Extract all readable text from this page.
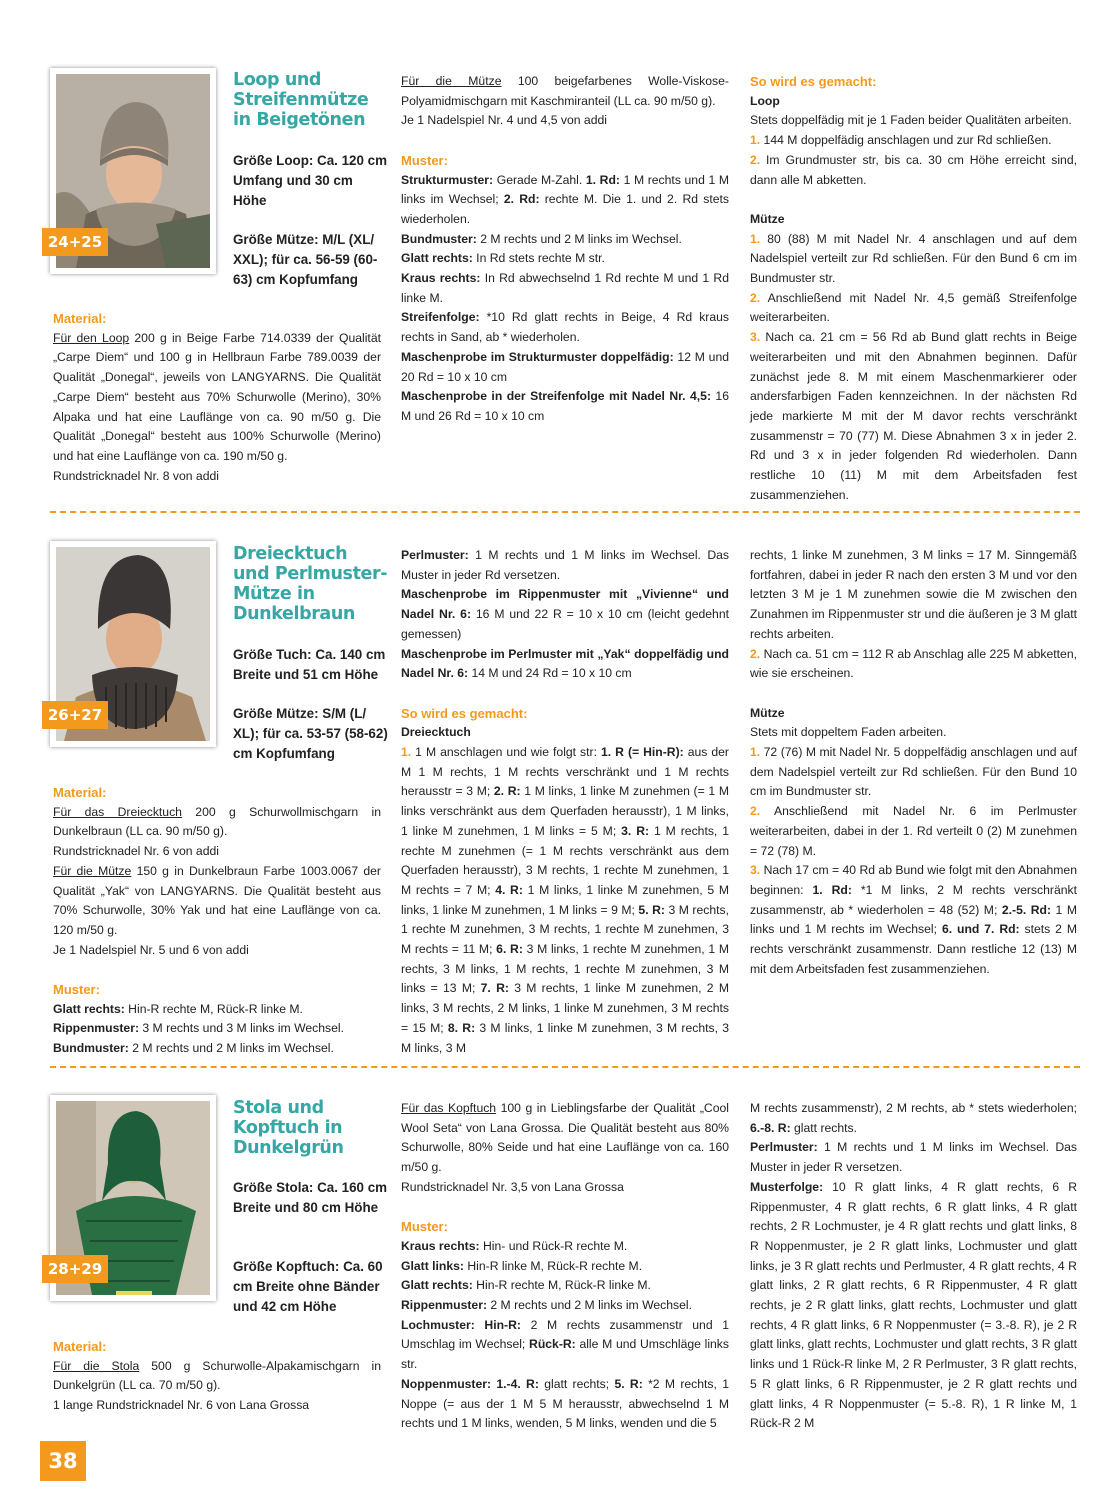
24+25
Loop und Streifenmütze in Beigetönen

Größe Loop: Ca. 120 cm Umfang und 30 cm Höhe

Größe Mütze: M/L (XL/ XXL); für ca. 56-59 (60-63) cm Kopfumfang

Material:

Für den Loop 200 g in Beige Farbe 714.0339 der Qualität „Carpe Diem“ und 100 g in Hellbraun Farbe 789.0039 der Qualität „Donegal“, jeweils von LANGYARNS. Die Qualität „Carpe Diem“ besteht aus 70% Schurwolle (Merino), 30% Alpaka und hat eine Lauflänge von ca. 90 m/50 g. Die Qualität „Donegal“ besteht aus 100% Schurwolle (Merino) und hat eine Lauflänge von ca. 190 m/50 g.

Rundstricknadel Nr. 8 von addi

Für die Mütze 100 beigefarbenes Wolle-Viskose-Polyamidmischgarn mit Kaschmiranteil (LL ca. 90 m/50 g).

Je 1 Nadelspiel Nr. 4 und 4,5 von addi

Muster:

Strukturmuster: Gerade M-Zahl. 1. Rd: 1 M rechts und 1 M links im Wechsel; 2. Rd: rechte M. Die 1. und 2. Rd stets wiederholen.

Bundmuster: 2 M rechts und 2 M links im Wechsel.

Glatt rechts: In Rd stets rechte M str.

Kraus rechts: In Rd abwechselnd 1 Rd rechte M und 1 Rd linke M.

Streifenfolge: *10 Rd glatt rechts in Beige, 4 Rd kraus rechts in Sand, ab * wiederholen.

Maschenprobe im Strukturmuster doppelfädig: 12 M und 20 Rd = 10 x 10 cm

Maschenprobe in der Streifenfolge mit Nadel Nr. 4,5: 16 M und 26 Rd = 10 x 10 cm

So wird es gemacht:

Loop

Stets doppelfädig mit je 1 Faden beider Qualitäten arbeiten.

1. 144 M doppelfädig anschlagen und zur Rd schließen.

2. Im Grundmuster str, bis ca. 30 cm Höhe erreicht sind, dann alle M abketten.

Mütze

1. 80 (88) M mit Nadel Nr. 4 anschlagen und auf dem Nadelspiel verteilt zur Rd schließen. Für den Bund 6 cm im Bundmuster str.

2. Anschließend mit Nadel Nr. 4,5 gemäß Streifenfolge weiterarbeiten.

3. Nach ca. 21 cm = 56 Rd ab Bund glatt rechts in Beige weiterarbeiten und mit den Abnahmen beginnen. Dafür zunächst jede 8. M mit einem Maschenmarkierer oder andersfarbigen Faden kennzeichnen. In der nächsten Rd jede markierte M mit der M davor rechts verschränkt zusammenstr = 70 (77) M. Diese Abnahmen 3 x in jeder 2. Rd und 3 x in jeder folgenden Rd wiederholen. Dann restliche 10 (11) M mit dem Arbeitsfaden fest zusammenziehen.

26+27
Dreiecktuch und Perlmuster-Mütze in Dunkelbraun

Größe Tuch: Ca. 140 cm Breite und 51 cm Höhe

Größe Mütze: S/M (L/ XL); für ca. 53-57 (58-62) cm Kopfumfang

Material:

Für das Dreiecktuch 200 g Schurwollmischgarn in Dunkelbraun (LL ca. 90 m/50 g).

Rundstricknadel Nr. 6 von addi

Für die Mütze 150 g in Dunkelbraun Farbe 1003.0067 der Qualität „Yak“ von LANGYARNS. Die Qualität besteht aus 70% Schurwolle, 30% Yak und hat eine Lauflänge von ca. 120 m/50 g.

Je 1 Nadelspiel Nr. 5 und 6 von addi

Muster:

Glatt rechts: Hin-R rechte M, Rück-R linke M.

Rippenmuster: 3 M rechts und 3 M links im Wechsel.

Bundmuster: 2 M rechts und 2 M links im Wechsel.

Perlmuster: 1 M rechts und 1 M links im Wechsel. Das Muster in jeder Rd versetzen.

Maschenprobe im Rippenmuster mit „Vivienne“ und Nadel Nr. 6: 16 M und 22 R = 10 x 10 cm (leicht gedehnt gemessen)

Maschenprobe im Perlmuster mit „Yak“ doppelfädig und Nadel Nr. 6: 14 M und 24 Rd = 10 x 10 cm

So wird es gemacht:

Dreiecktuch

1. 1 M anschlagen und wie folgt str: 1. R (= Hin-R): aus der M 1 M rechts, 1 M rechts verschränkt und 1 M rechts herausstr = 3 M; 2. R: 1 M links, 1 linke M zunehmen (= 1 M links verschränkt aus dem Querfaden herausstr), 1 M links, 1 linke M zunehmen, 1 M links = 5 M; 3. R: 1 M rechts, 1 rechte M zunehmen (= 1 M rechts verschränkt aus dem Querfaden herausstr), 3 M rechts, 1 rechte M zunehmen, 1 M rechts = 7 M; 4. R: 1 M links, 1 linke M zunehmen, 5 M links, 1 linke M zunehmen, 1 M links = 9 M; 5. R: 3 M rechts, 1 rechte M zunehmen, 3 M rechts, 1 rechte M zunehmen, 3 M rechts = 11 M; 6. R: 3 M links, 1 rechte M zunehmen, 1 M rechts, 3 M links, 1 M rechts, 1 rechte M zunehmen, 3 M links = 13 M; 7. R: 3 M rechts, 1 linke M zunehmen, 2 M links, 3 M rechts, 2 M links, 1 linke M zunehmen, 3 M rechts = 15 M; 8. R: 3 M links, 1 linke M zunehmen, 3 M rechts, 3 M links, 3 M

rechts, 1 linke M zunehmen, 3 M links = 17 M. Sinngemäß fortfahren, dabei in jeder R nach den ersten 3 M und vor den letzten 3 M je 1 M zunehmen sowie die M zwischen den Zunahmen im Rippenmuster str und die äußeren je 3 M glatt rechts arbeiten.

2. Nach ca. 51 cm = 112 R ab Anschlag alle 225 M abketten, wie sie erscheinen.

Mütze

Stets mit doppeltem Faden arbeiten.

1. 72 (76) M mit Nadel Nr. 5 doppelfädig anschlagen und auf dem Nadelspiel verteilt zur Rd schließen. Für den Bund 10 cm im Bundmuster str.

2. Anschließend mit Nadel Nr. 6 im Perlmuster weiterarbeiten, dabei in der 1. Rd verteilt 0 (2) M zunehmen = 72 (78) M.

3. Nach 17 cm = 40 Rd ab Bund wie folgt mit den Abnahmen beginnen: 1. Rd: *1 M links, 2 M rechts verschränkt zusammenstr, ab * wiederholen = 48 (52) M; 2.-5. Rd: 1 M links und 1 M rechts im Wechsel; 6. und 7. Rd: stets 2 M rechts verschränkt zusammenstr. Dann restliche 12 (13) M mit dem Arbeitsfaden fest zusammenziehen.

28+29
Stola und Kopftuch in Dunkelgrün

Größe Stola: Ca. 160 cm Breite und 80 cm Höhe

Größe Kopftuch: Ca. 60 cm Breite ohne Bänder und 42 cm Höhe

Material:

Für die Stola 500 g Schurwolle-Alpakamischgarn in Dunkelgrün (LL ca. 70 m/50 g).

1 lange Rundstricknadel Nr. 6 von Lana Grossa

Für das Kopftuch 100 g in Lieblingsfarbe der Qualität „Cool Wool Seta“ von Lana Grossa. Die Qualität besteht aus 80% Schurwolle, 80% Seide und hat eine Lauflänge von ca. 160 m/50 g.

Rundstricknadel Nr. 3,5 von Lana Grossa

Muster:

Kraus rechts: Hin- und Rück-R rechte M.

Glatt links: Hin-R linke M, Rück-R rechte M.

Glatt rechts: Hin-R rechte M, Rück-R linke M.

Rippenmuster: 2 M rechts und 2 M links im Wechsel.

Lochmuster: Hin-R: 2 M rechts zusammenstr und 1 Umschlag im Wechsel; Rück-R: alle M und Umschläge links str.

Noppenmuster: 1.-4. R: glatt rechts; 5. R: *2 M rechts, 1 Noppe (= aus der 1 M 5 M herausstr, abwechselnd 1 M rechts und 1 M links, wenden, 5 M links, wenden und die 5

M rechts zusammenstr), 2 M rechts, ab * stets wiederholen; 6.-8. R: glatt rechts.

Perlmuster: 1 M rechts und 1 M links im Wechsel. Das Muster in jeder R versetzen.

Musterfolge: 10 R glatt links, 4 R glatt rechts, 6 R Rippenmuster, 4 R glatt rechts, 6 R glatt links, 4 R glatt rechts, 2 R Lochmuster, je 4 R glatt rechts und glatt links, 8 R Noppenmuster, je 2 R glatt links, Lochmuster und glatt links, je 3 R glatt rechts und Perlmuster, 4 R glatt rechts, 4 R glatt links, 2 R glatt rechts, 6 R Rippenmuster, 4 R glatt rechts, je 2 R glatt links, glatt rechts, Lochmuster und glatt rechts, 4 R glatt links, 6 R Noppenmuster (= 3.-8. R), je 2 R glatt links, glatt rechts, Lochmuster und glatt rechts, 3 R glatt links und 1 Rück-R linke M, 2 R Perlmuster, 3 R glatt rechts, 5 R glatt links, 6 R Rippenmuster, je 2 R glatt rechts und glatt links, 4 R Noppenmuster (= 5.-8. R), 1 R linke M, 1 Rück-R 2 M

38
